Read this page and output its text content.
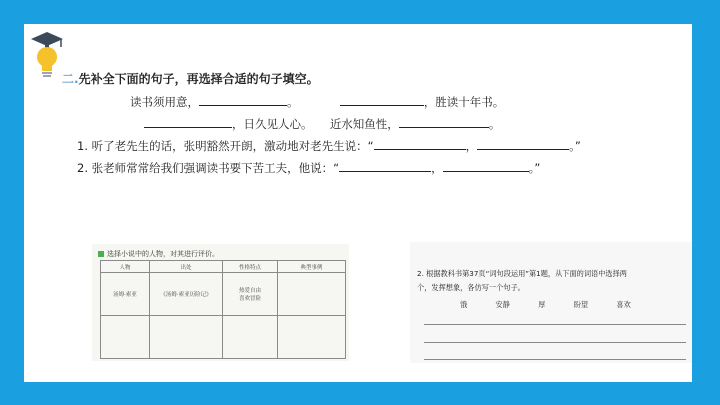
二.先补全下面的句子，再选择合适的句子填空。
读书须用意，	。	，胜读十年书。
，日久见人心。 近水知鱼性，	。
1. 听了老先生的话，张明豁然开朗，激动地对老先生说：“	，	。”
2. 张老师常常给我们强调读书要下苦工夫，他说：“	，	。”
选择小说中的人物，对其进行评价。
人物	出处	性格特点	典型事例
汤姆·索亚	《汤姆·索亚历险记》	热爱自由
喜欢冒险	

2. 根据教科书第37页“词句段运用”第1题，从下面的词语中选择两
个，发挥想象，各仿写一个句子。
饿	安静	厚	盼望	喜欢
